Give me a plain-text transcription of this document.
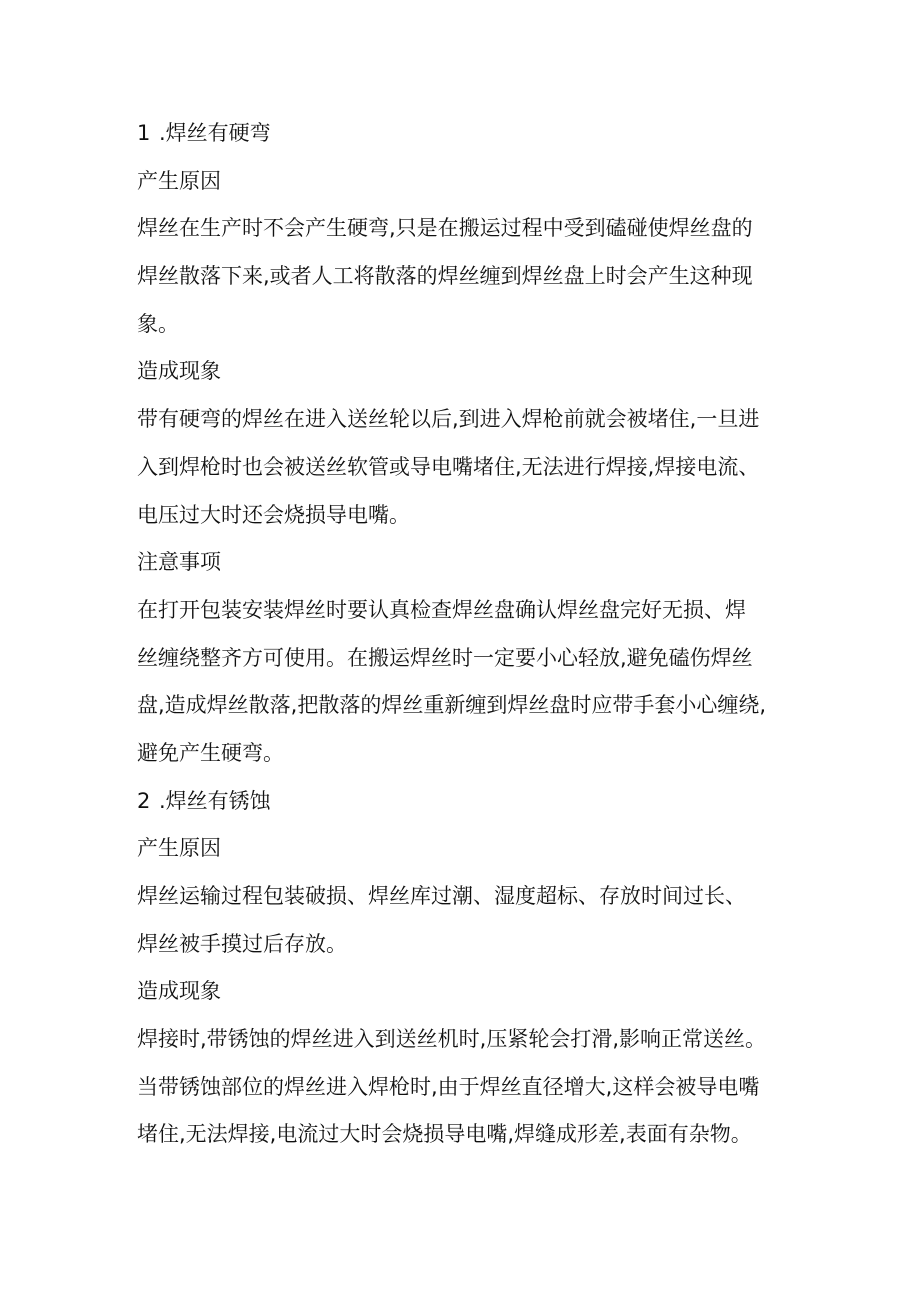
1 .焊丝有硬弯
产生原因
焊丝在生产时不会产生硬弯,只是在搬运过程中受到磕碰使焊丝盘的
焊丝散落下来,或者人工将散落的焊丝缠到焊丝盘上时会产生这种现
象。
造成现象
带有硬弯的焊丝在进入送丝轮以后,到进入焊枪前就会被堵住,一旦进
入到焊枪时也会被送丝软管或导电嘴堵住,无法进行焊接,焊接电流、
电压过大时还会烧损导电嘴。
注意事项
在打开包装安装焊丝时要认真检查焊丝盘确认焊丝盘完好无损、焊
丝缠绕整齐方可使用。在搬运焊丝时一定要小心轻放,避免磕伤焊丝
盘,造成焊丝散落,把散落的焊丝重新缠到焊丝盘时应带手套小心缠绕,
避免产生硬弯。
2 .焊丝有锈蚀
产生原因
焊丝运输过程包装破损、焊丝库过潮、湿度超标、存放时间过长、
焊丝被手摸过后存放。
造成现象
焊接时,带锈蚀的焊丝进入到送丝机时,压紧轮会打滑,影响正常送丝。
当带锈蚀部位的焊丝进入焊枪时,由于焊丝直径增大,这样会被导电嘴
堵住,无法焊接,电流过大时会烧损导电嘴,焊缝成形差,表面有杂物。
